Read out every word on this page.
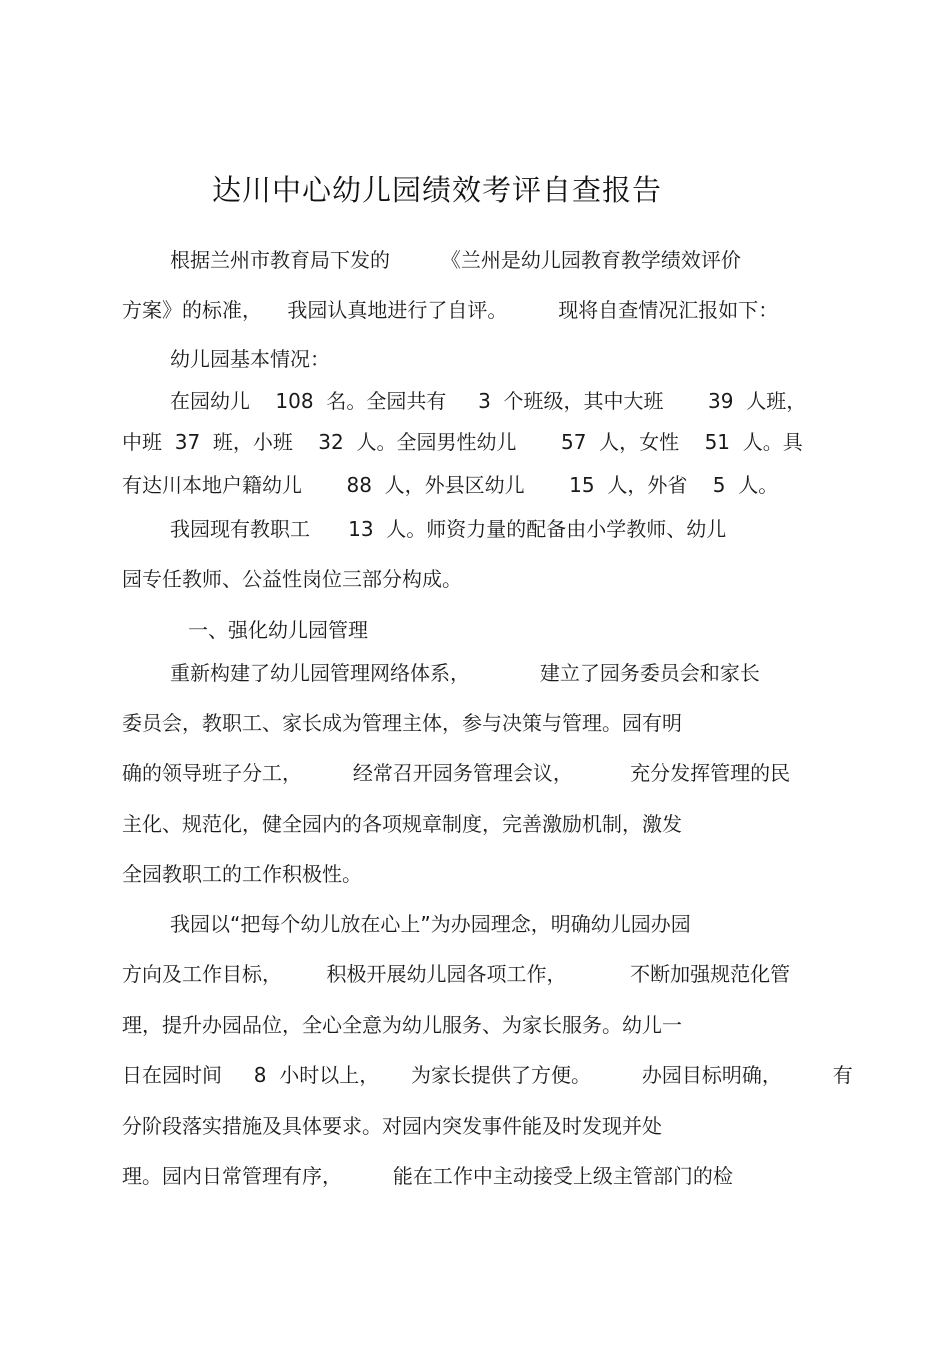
达川中心幼儿园绩效考评自查报告
根据兰州市教育局下发的        《兰州是幼儿园教育教学绩效评价
方案》的标准，    我园认真地进行了自评。        现将自查情况汇报如下：
幼儿园基本情况：
在园幼儿    108  名。全园共有     3  个班级，其中大班       39  人班，
中班  37  班，小班    32  人。全园男性幼儿       57  人，女性    51  人。具
有达川本地户籍幼儿       88  人，外县区幼儿       15  人，外省    5  人。
我园现有教职工      13  人。师资力量的配备由小学教师、幼儿
园专任教师、公益性岗位三部分构成。
一、强化幼儿园管理
重新构建了幼儿园管理网络体系，           建立了园务委员会和家长
委员会，教职工、家长成为管理主体，参与决策与管理。园有明
确的领导班子分工，        经常召开园务管理会议，         充分发挥管理的民
主化、规范化，健全园内的各项规章制度，完善激励机制，激发
全园教职工的工作积极性。
我园以“把每个幼儿放在心上”为办园理念，明确幼儿园办园
方向及工作目标，       积极开展幼儿园各项工作，          不断加强规范化管
理，提升办园品位，全心全意为幼儿服务、为家长服务。幼儿一
日在园时间     8  小时以上，     为家长提供了方便。        办园目标明确，        有
分阶段落实措施及具体要求。对园内突发事件能及时发现并处
理。园内日常管理有序，        能在工作中主动接受上级主管部门的检
